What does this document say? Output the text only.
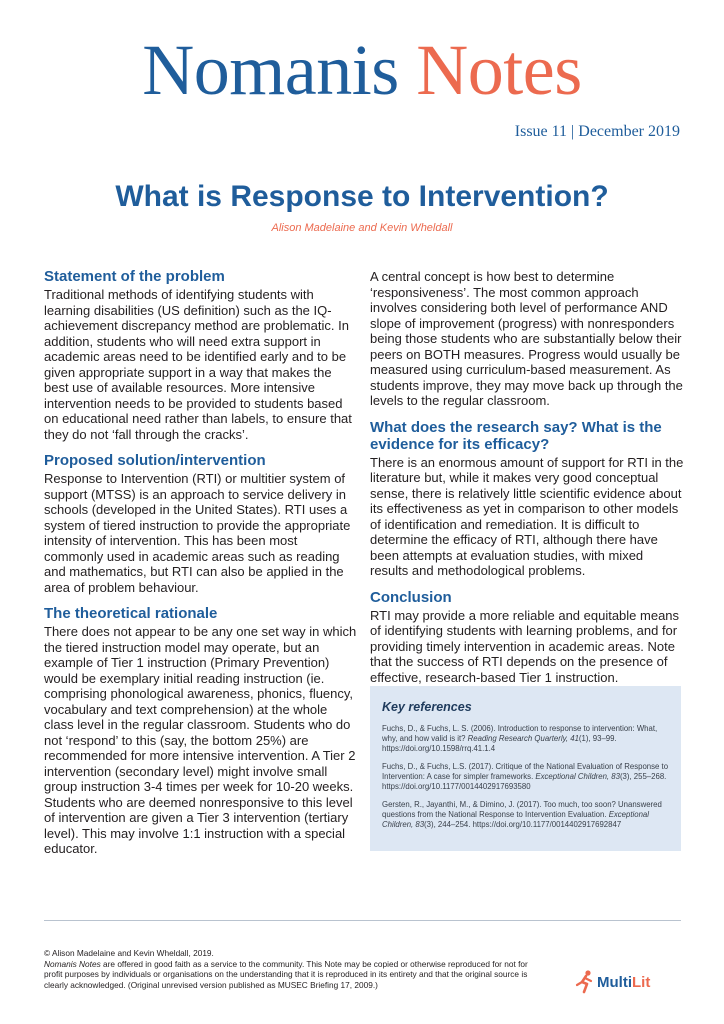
Nomanis Notes
Issue 11 | December 2019
What is Response to Intervention?
Alison Madelaine and Kevin Wheldall
Statement of the problem

Traditional methods of identifying students with learning disabilities (US definition) such as the IQ-achievement discrepancy method are problematic. In addition, students who will need extra support in academic areas need to be identified early and to be given appropriate support in a way that makes the best use of available resources. More intensive intervention needs to be provided to students based on educational need rather than labels, to ensure that they do not ‘fall through the cracks’.

Proposed solution/intervention

Response to Intervention (RTI) or multitier system of support (MTSS) is an approach to service delivery in schools (developed in the United States). RTI uses a system of tiered instruction to provide the appropriate intensity of intervention. This has been most commonly used in academic areas such as reading and mathematics, but RTI can also be applied in the area of problem behaviour.

The theoretical rationale

There does not appear to be any one set way in which the tiered instruction model may operate, but an example of Tier 1 instruction (Primary Prevention) would be exemplary initial reading instruction (ie. comprising phonological awareness, phonics, fluency, vocabulary and text comprehension) at the whole class level in the regular classroom. Students who do not ‘respond’ to this (say, the bottom 25%) are recommended for more intensive intervention. A Tier 2 intervention (secondary level) might involve small group instruction 3-4 times per week for 10-20 weeks. Students who are deemed nonresponsive to this level of intervention are given a Tier 3 intervention (tertiary level). This may involve 1:1 instruction with a special educator.

A central concept is how best to determine ‘responsiveness’. The most common approach involves considering both level of performance AND slope of improvement (progress) with nonresponders being those students who are substantially below their peers on BOTH measures. Progress would usually be measured using curriculum-based measurement. As students improve, they may move back up through the levels to the regular classroom.

What does the research say? What is the evidence for its efficacy?

There is an enormous amount of support for RTI in the literature but, while it makes very good conceptual sense, there is relatively little scientific evidence about its effectiveness as yet in comparison to other models of identification and remediation. It is difficult to determine the efficacy of RTI, although there have been attempts at evaluation studies, with mixed results and methodological problems.

Conclusion

RTI may provide a more reliable and equitable means of identifying students with learning problems, and for providing timely intervention in academic areas. Note that the success of RTI depends on the presence of effective, research-based Tier 1 instruction.

Key references
Fuchs, D., & Fuchs, L. S. (2006). Introduction to response to intervention: What, why, and how valid is it? Reading Research Quarterly, 41(1), 93–99. https://doi.org/10.1598/rrq.41.1.4
Fuchs, D., & Fuchs, L.S. (2017). Critique of the National Evaluation of Response to Intervention: A case for simpler frameworks. Exceptional Children, 83(3), 255–268. https://doi.org/10.1177/0014402917693580
Gersten, R., Jayanthi, M., & Dimino, J. (2017). Too much, too soon? Unanswered questions from the National Response to Intervention Evaluation. Exceptional Children, 83(3), 244–254. https://doi.org/10.1177/0014402917692847
© Alison Madelaine and Kevin Wheldall, 2019.
Nomanis Notes are offered in good faith as a service to the community. This Note may be copied or otherwise reproduced for not for profit purposes by individuals or organisations on the understanding that it is reproduced in its entirety and that the original source is clearly acknowledged. (Original unrevised version published as MUSEC Briefing 17, 2009.)	MultiLit
